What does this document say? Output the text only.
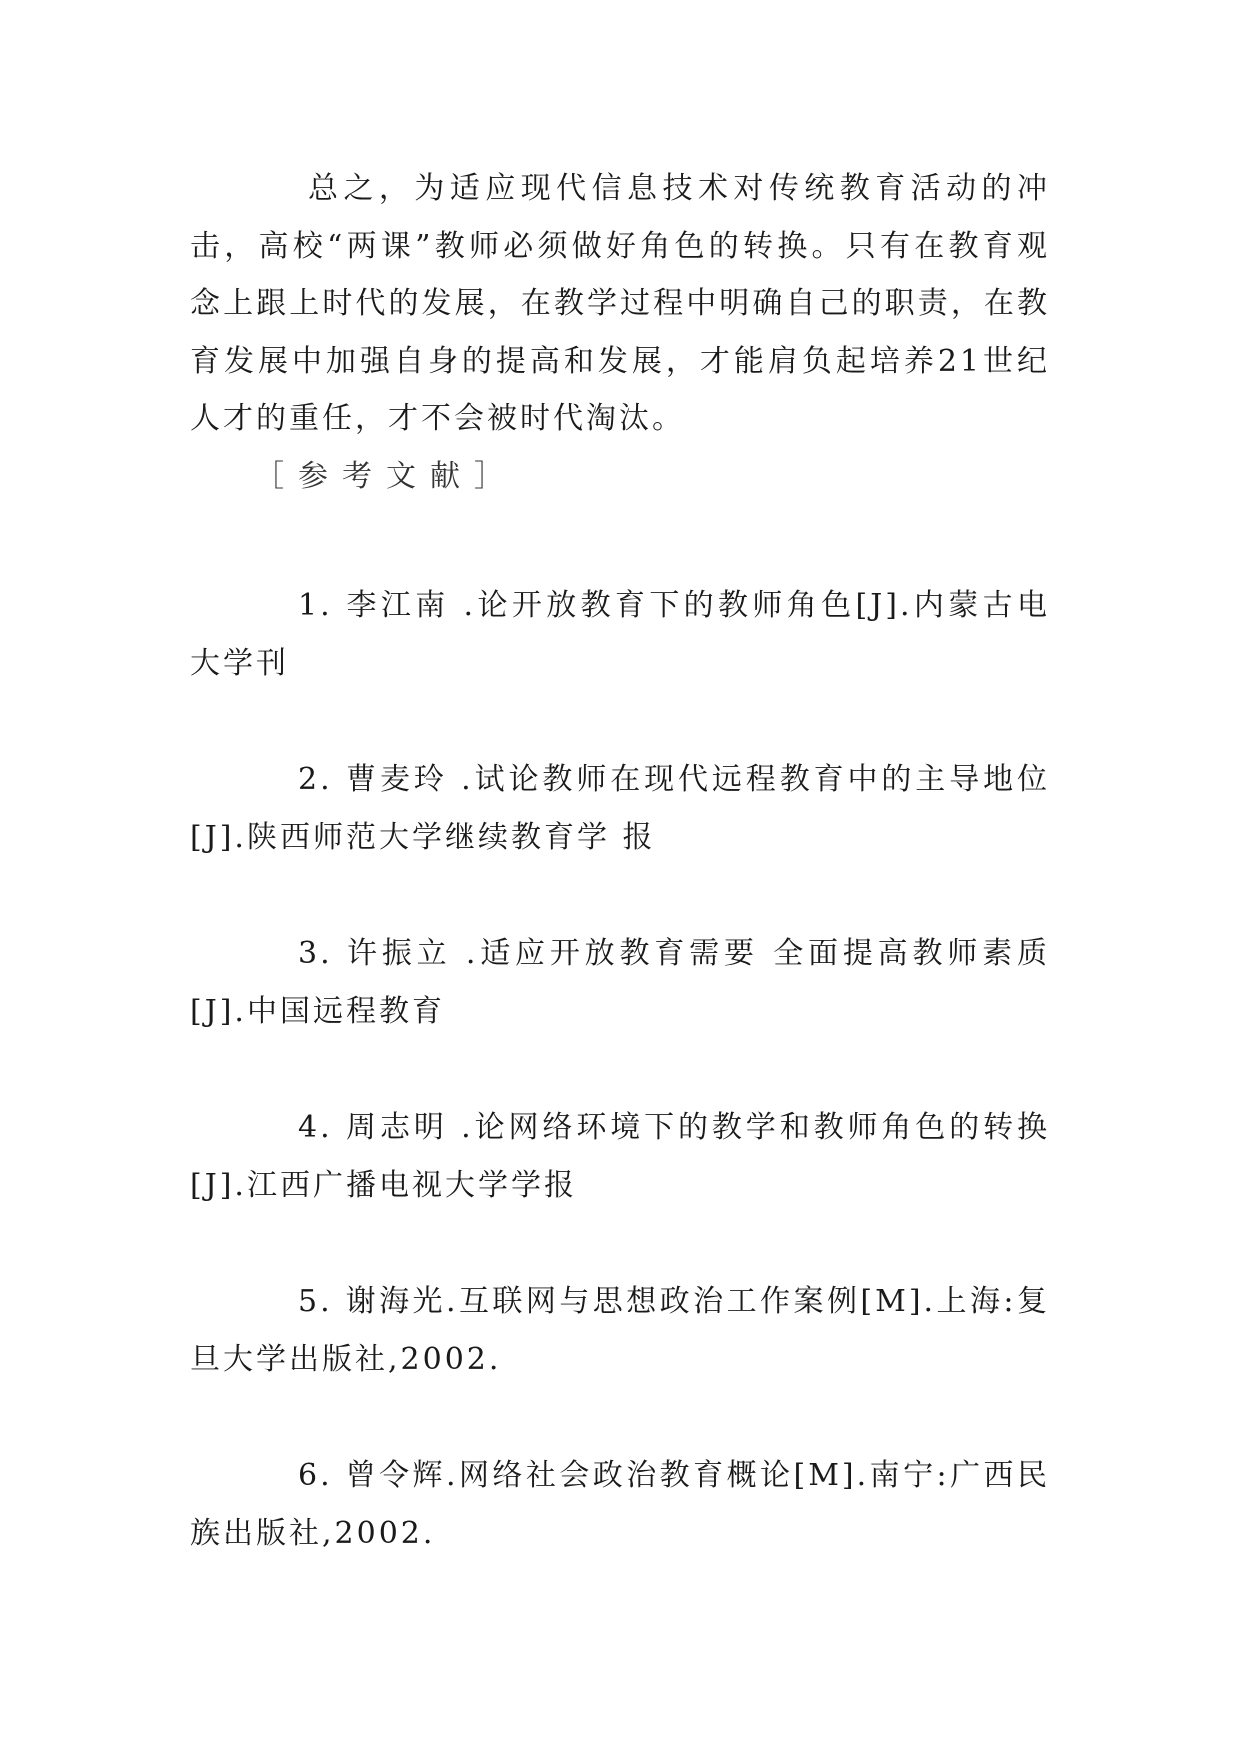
总之，为适应现代信息技术对传统教育活动的冲击，高校“两课”教师必须做好角色的转换。只有在教育观念上跟上时代的发展，在教学过程中明确自己的职责，在教育发展中加强自身的提高和发展，才能肩负起培养21世纪人才的重任，才不会被时代淘汰。

［参考文献］

1. 李江南 .论开放教育下的教师角色[J].内蒙古电大学刊

2. 曹麦玲 .试论教师在现代远程教育中的主导地位[J].陕西师范大学继续教育学 报

3. 许振立 .适应开放教育需要 全面提高教师素质[J].中国远程教育

4. 周志明 .论网络环境下的教学和教师角色的转换[J].江西广播电视大学学报

5. 谢海光.互联网与思想政治工作案例[M].上海:复旦大学出版社,2002.

6. 曾令辉.网络社会政治教育概论[M].南宁:广西民族出版社,2002.
